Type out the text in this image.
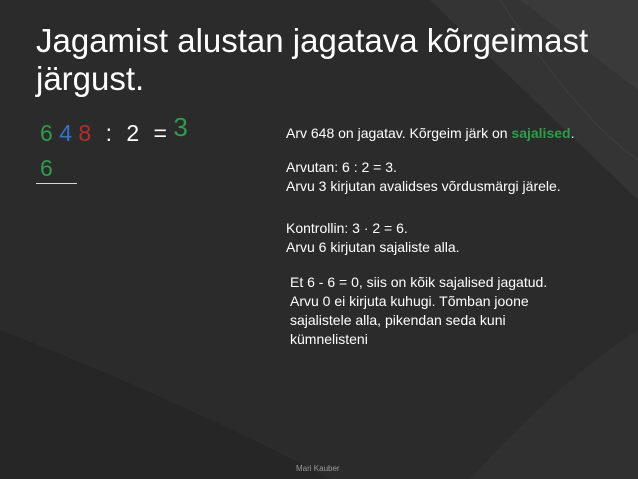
Jagamist alustan jagatava kõrgeimast järgust.
6 4 8 : 2 = 3
6

Arv 648 on jagatav. Kõrgeim järk on sajalised.

Arvutan: 6 : 2 = 3.
Arvu 3 kirjutan avalidses võrdusmärgi järele.

Kontrollin: 3 · 2 = 6.
Arvu 6 kirjutan sajaliste alla.

Et 6 - 6 = 0, siis on kõik sajalised jagatud.
Arvu 0 ei kirjuta kuhugi. Tõmban joone sajalistele alla, pikendan seda kuni kümnelisteni

Mari Kauber
